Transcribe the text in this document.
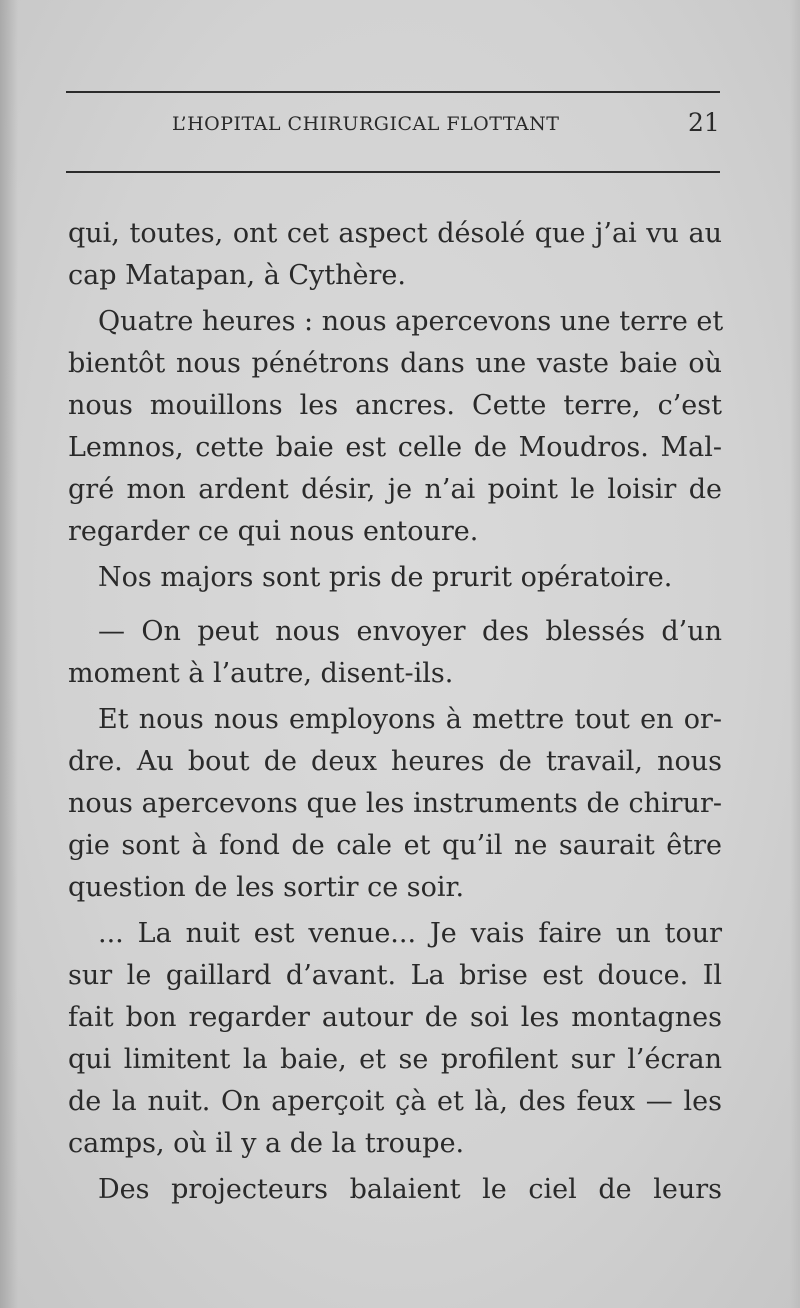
L’HOPITAL CHIRURGICAL FLOTTANT	21
qui, toutes, ont cet aspect désolé que j’ai vu au
cap Matapan, à Cythère.
Quatre heures : nous apercevons une terre et
bientôt nous pénétrons dans une vaste baie où
nous mouillons les ancres. Cette terre, c’est
Lemnos, cette baie est celle de Moudros. Mal-
gré mon ardent désir, je n’ai point le loisir de
regarder ce qui nous entoure.
Nos majors sont pris de prurit opératoire.
— On peut nous envoyer des blessés d’un
moment à l’autre, disent-ils.
Et nous nous employons à mettre tout en or-
dre. Au bout de deux heures de travail, nous
nous apercevons que les instruments de chirur-
gie sont à fond de cale et qu’il ne saurait être
question de les sortir ce soir.
... La nuit est venue... Je vais faire un tour
sur le gaillard d’avant. La brise est douce. Il
fait bon regarder autour de soi les montagnes
qui limitent la baie, et se profilent sur l’écran
de la nuit. On aperçoit çà et là, des feux — les
camps, où il y a de la troupe.
Des projecteurs balaient le ciel de leurs
